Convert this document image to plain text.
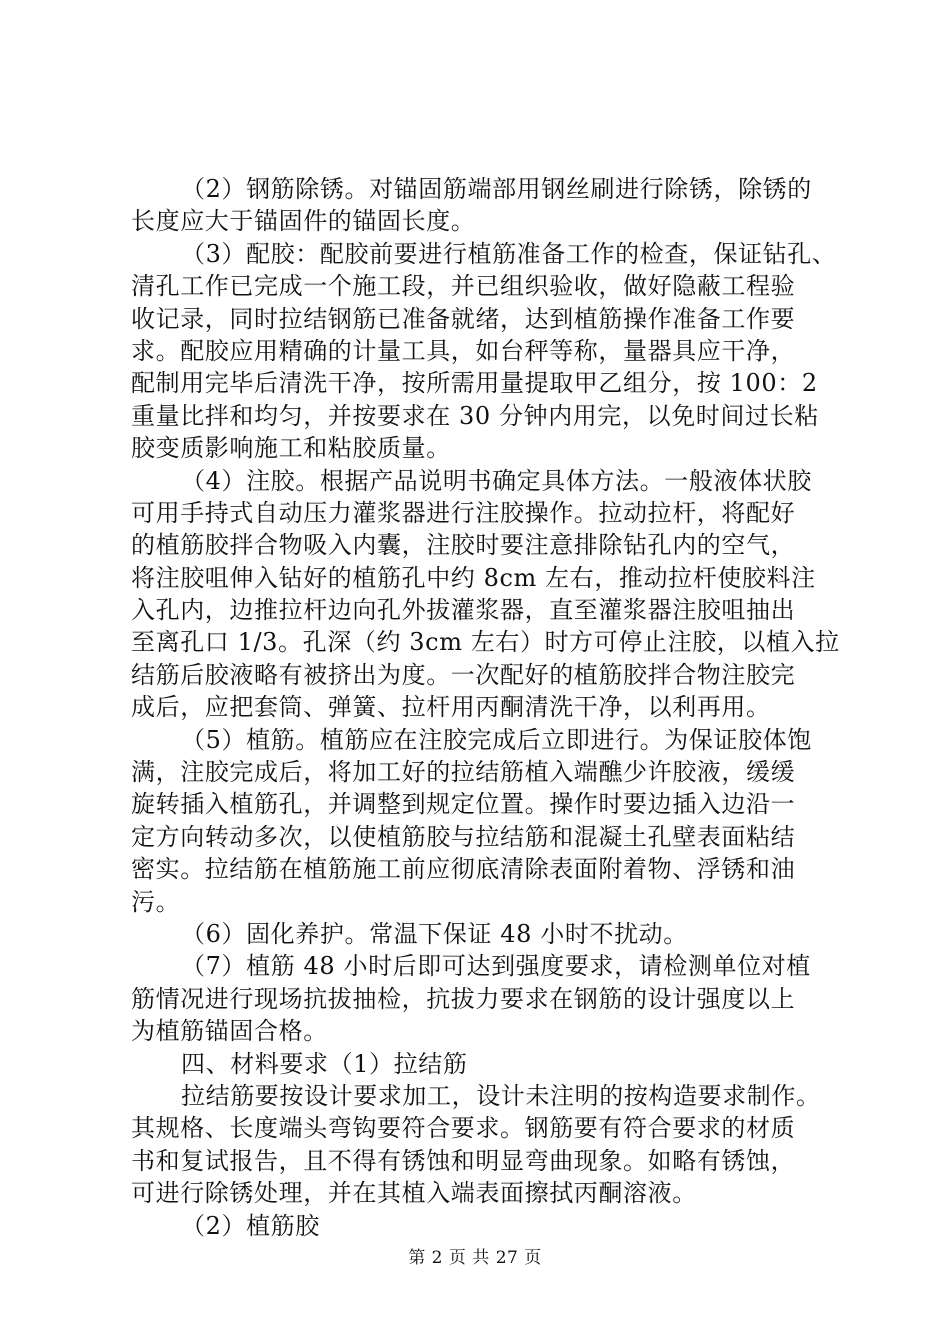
（2）钢筋除锈。对锚固筋端部用钢丝刷进行除锈，除锈的
长度应大于锚固件的锚固长度。
（3）配胶：配胶前要进行植筋准备工作的检查，保证钻孔、
清孔工作已完成一个施工段，并已组织验收，做好隐蔽工程验
收记录，同时拉结钢筋已准备就绪，达到植筋操作准备工作要
求。配胶应用精确的计量工具，如台秤等称，量器具应干净，
配制用完毕后清洗干净，按所需用量提取甲乙组分，按 100：2
重量比拌和均匀，并按要求在 30 分钟内用完，以免时间过长粘
胶变质影响施工和粘胶质量。
（4）注胶。根据产品说明书确定具体方法。一般液体状胶
可用手持式自动压力灌浆器进行注胶操作。拉动拉杆，将配好
的植筋胶拌合物吸入内囊，注胶时要注意排除钻孔内的空气，
将注胶咀伸入钻好的植筋孔中约 8cm 左右，推动拉杆使胶料注
入孔内，边推拉杆边向孔外拔灌浆器，直至灌浆器注胶咀抽出
至离孔口 1/3。孔深（约 3cm 左右）时方可停止注胶，以植入拉
结筋后胶液略有被挤出为度。一次配好的植筋胶拌合物注胶完
成后，应把套筒、弹簧、拉杆用丙酮清洗干净，以利再用。
（5）植筋。植筋应在注胶完成后立即进行。为保证胶体饱
满，注胶完成后，将加工好的拉结筋植入端醮少许胶液，缓缓
旋转插入植筋孔，并调整到规定位置。操作时要边插入边沿一
定方向转动多次，以使植筋胶与拉结筋和混凝土孔壁表面粘结
密实。拉结筋在植筋施工前应彻底清除表面附着物、浮锈和油
污。
（6）固化养护。常温下保证 48 小时不扰动。
（7）植筋 48 小时后即可达到强度要求，请检测单位对植
筋情况进行现场抗拔抽检，抗拔力要求在钢筋的设计强度以上
为植筋锚固合格。
四、材料要求（1）拉结筋
拉结筋要按设计要求加工，设计未注明的按构造要求制作。
其规格、长度端头弯钩要符合要求。钢筋要有符合要求的材质
书和复试报告，且不得有锈蚀和明显弯曲现象。如略有锈蚀，
可进行除锈处理，并在其植入端表面擦拭丙酮溶液。
（2）植筋胶
第 2 页 共 27 页
